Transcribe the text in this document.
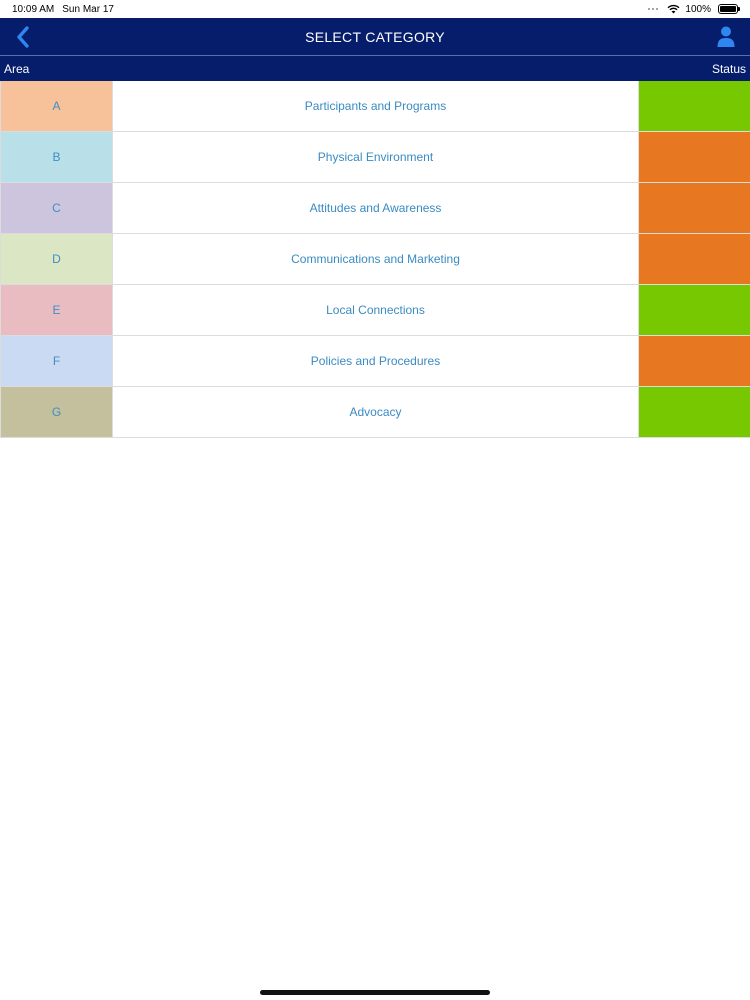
10:09 AM Sun Mar 17	100%
SELECT CATEGORY
Area	Status
A	Participants and Programs
B	Physical Environment
C	Attitudes and Awareness
D	Communications and Marketing
E	Local Connections
F	Policies and Procedures
G	Advocacy
